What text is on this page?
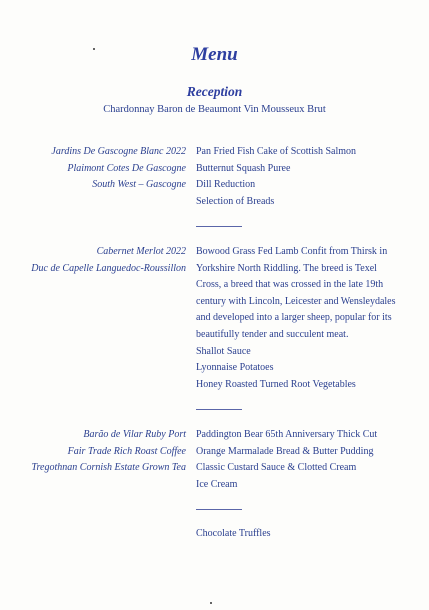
Menu
Reception
Chardonnay Baron de Beaumont Vin Mousseux Brut
Jardins De Gascogne Blanc 2022
Plaimont Cotes De Gascogne
South West – Gascogne
Pan Fried Fish Cake of Scottish Salmon
Butternut Squash Puree
Dill Reduction
Selection of Breads
Cabernet Merlot 2022
Duc de Capelle Languedoc-Roussillon
Bowood Grass Fed Lamb Confit from Thirsk in
Yorkshire North Riddling. The breed is Texel
Cross, a breed that was crossed in the late 19th
century with Lincoln, Leicester and Wensleydales
and developed into a larger sheep, popular for its
beautifully tender and succulent meat.
Shallot Sauce
Lyonnaise Potatoes
Honey Roasted Turned Root Vegetables
Barão de Vilar Ruby Port
Fair Trade Rich Roast Coffee
Tregothnan Cornish Estate Grown Tea
Paddington Bear 65th Anniversary Thick Cut
Orange Marmalade Bread & Butter Pudding
Classic Custard Sauce & Clotted Cream
Ice Cream
Chocolate Truffles
